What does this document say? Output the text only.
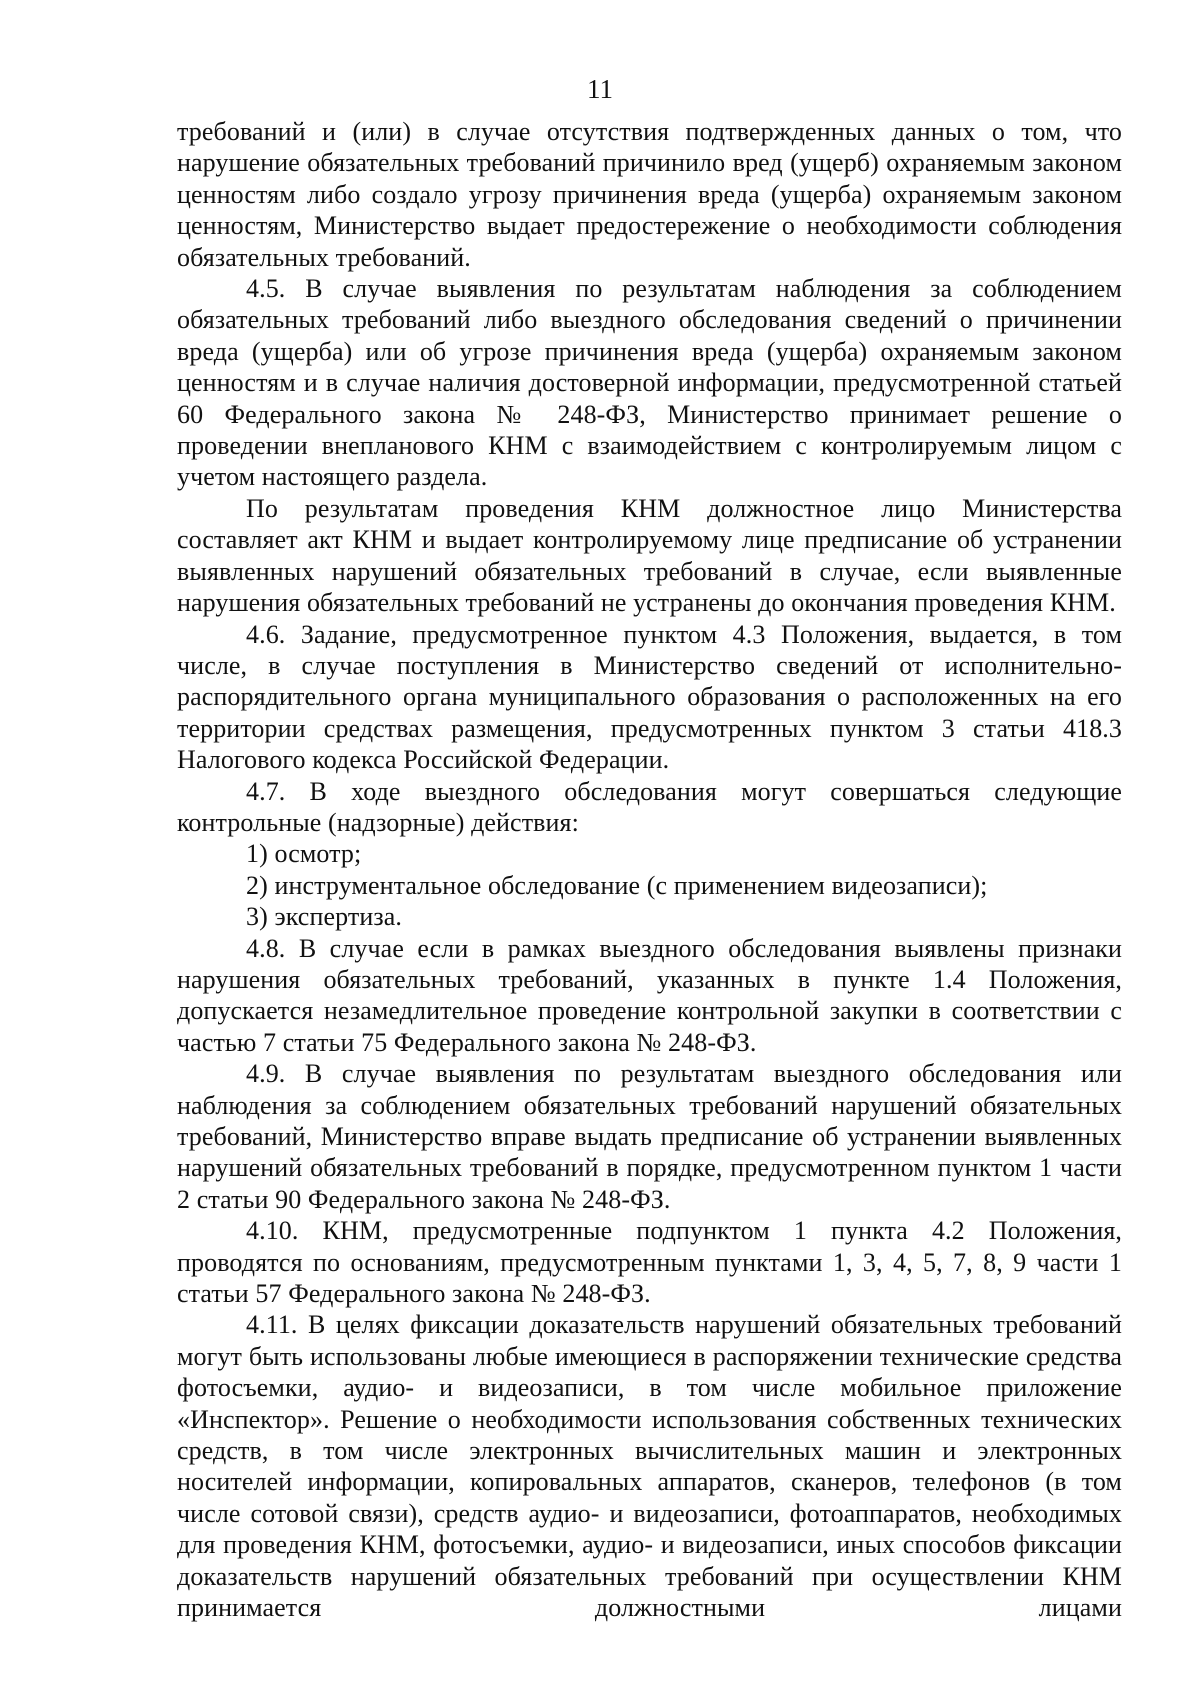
11

требований и (или) в случае отсутствия подтвержденных данных о том, что нарушение обязательных требований причинило вред (ущерб) охраняемым законом ценностям либо создало угрозу причинения вреда (ущерба) охраняемым законом ценностям, Министерство выдает предостережение о необходимости соблюдения обязательных требований.

4.5. В случае выявления по результатам наблюдения за соблюдением обязательных требований либо выездного обследования сведений о причинении вреда (ущерба) или об угрозе причинения вреда (ущерба) охраняемым законом ценностям и в случае наличия достоверной информации, предусмотренной статьей 60 Федерального закона № 248-ФЗ, Министерство принимает решение о проведении внепланового КНМ с взаимодействием с контролируемым лицом с учетом настоящего раздела.

По результатам проведения КНМ должностное лицо Министерства составляет акт КНМ и выдает контролируемому лице предписание об устранении выявленных нарушений обязательных требований в случае, если выявленные нарушения обязательных требований не устранены до окончания проведения КНМ.

4.6. Задание, предусмотренное пунктом 4.3 Положения, выдается, в том числе, в случае поступления в Министерство сведений от исполнительно-распорядительного органа муниципального образования о расположенных на его территории средствах размещения, предусмотренных пунктом 3 статьи 418.3 Налогового кодекса Российской Федерации.

4.7. В ходе выездного обследования могут совершаться следующие контрольные (надзорные) действия:

1) осмотр;

2) инструментальное обследование (с применением видеозаписи);

3) экспертиза.

4.8. В случае если в рамках выездного обследования выявлены признаки нарушения обязательных требований, указанных в пункте 1.4 Положения, допускается незамедлительное проведение контрольной закупки в соответствии с частью 7 статьи 75 Федерального закона № 248-ФЗ.

4.9. В случае выявления по результатам выездного обследования или наблюдения за соблюдением обязательных требований нарушений обязательных требований, Министерство вправе выдать предписание об устранении выявленных нарушений обязательных требований в порядке, предусмотренном пунктом 1 части 2 статьи 90 Федерального закона № 248-ФЗ.

4.10. КНМ, предусмотренные подпунктом 1 пункта 4.2 Положения, проводятся по основаниям, предусмотренным пунктами 1, 3, 4, 5, 7, 8, 9 части 1 статьи 57 Федерального закона № 248-ФЗ.

4.11. В целях фиксации доказательств нарушений обязательных требований могут быть использованы любые имеющиеся в распоряжении технические средства фотосъемки, аудио- и видеозаписи, в том числе мобильное приложение «Инспектор». Решение о необходимости использования собственных технических средств, в том числе электронных вычислительных машин и электронных носителей информации, копировальных аппаратов, сканеров, телефонов (в том числе сотовой связи), средств аудио- и видеозаписи, фотоаппаратов, необходимых для проведения КНМ, фотосъемки, аудио- и видеозаписи, иных способов фиксации доказательств нарушений обязательных требований при осуществлении КНМ принимается должностными лицами
